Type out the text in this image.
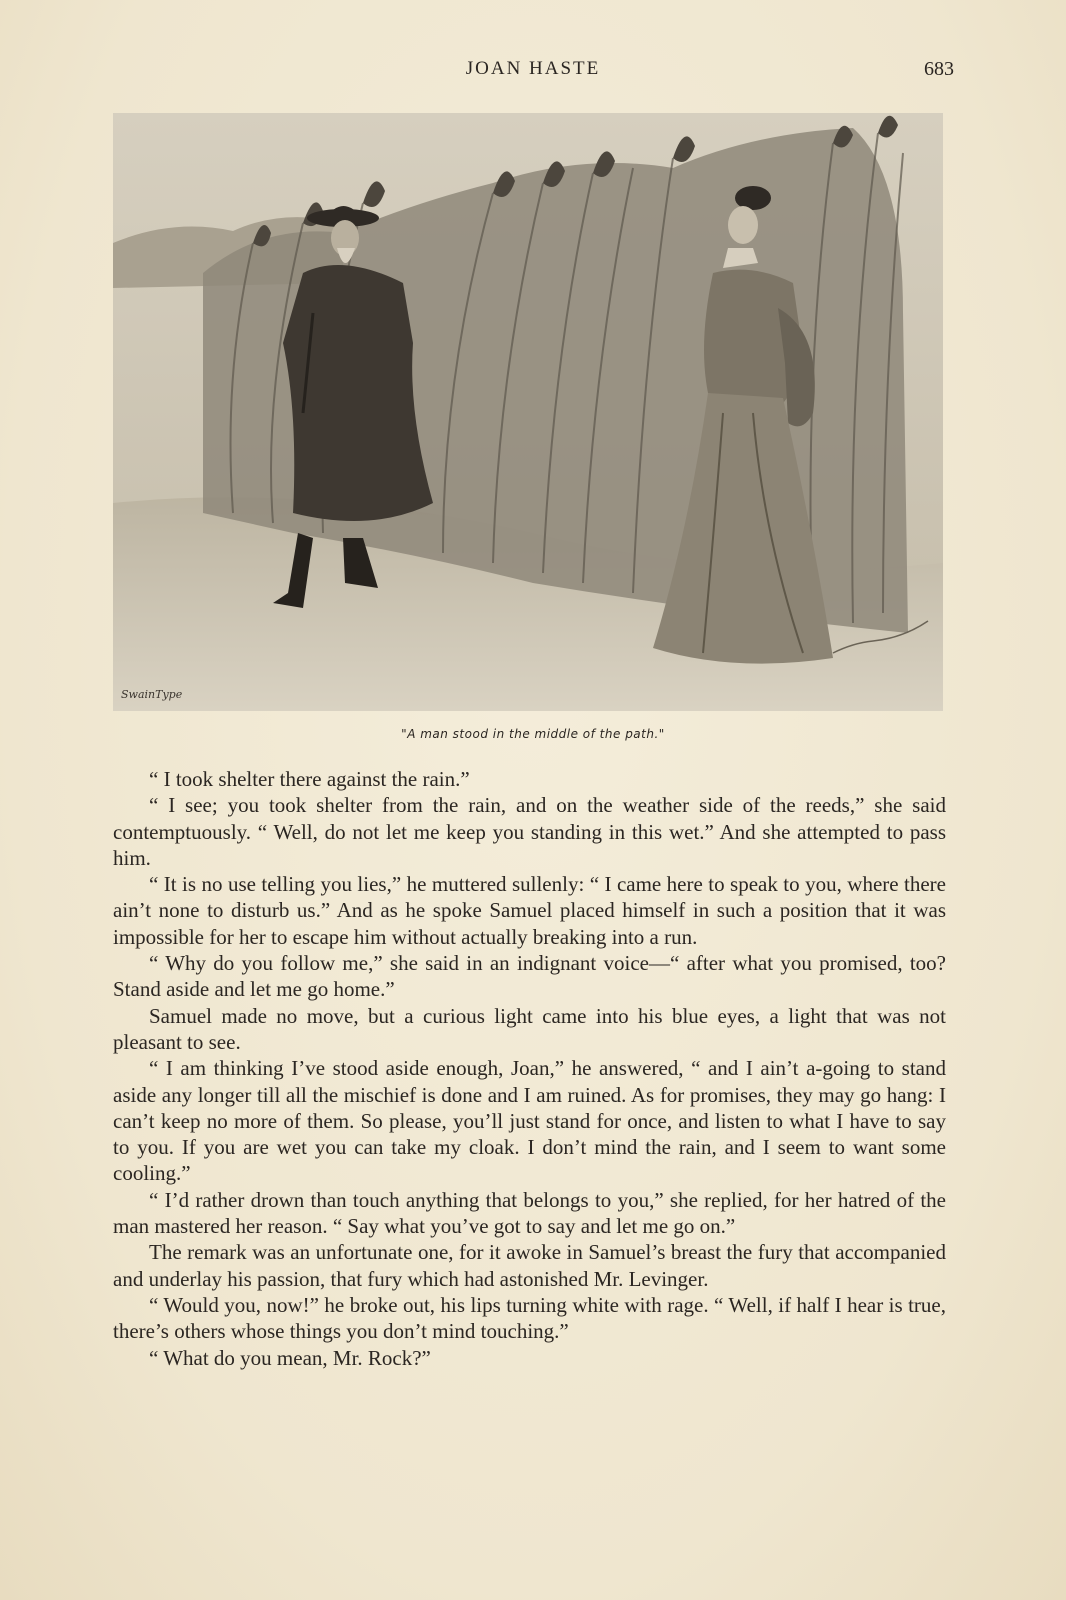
JOAN HASTE	683
SwainType
"A man stood in the middle of the path."

“ I took shelter there against the rain.”

“ I see; you took shelter from the rain, and on the weather side of the reeds,” she said contemptuously. “ Well, do not let me keep you standing in this wet.” And she attempted to pass him.

“ It is no use telling you lies,” he muttered sullenly: “ I came here to speak to you, where there ain’t none to disturb us.” And as he spoke Samuel placed himself in such a position that it was impossible for her to escape him without actually breaking into a run.

“ Why do you follow me,” she said in an indignant voice—“ after what you promised, too? Stand aside and let me go home.”

Samuel made no move, but a curious light came into his blue eyes, a light that was not pleasant to see.

“ I am thinking I’ve stood aside enough, Joan,” he answered, “ and I ain’t a-going to stand aside any longer till all the mischief is done and I am ruined. As for promises, they may go hang: I can’t keep no more of them. So please, you’ll just stand for once, and listen to what I have to say to you. If you are wet you can take my cloak. I don’t mind the rain, and I seem to want some cooling.”

“ I’d rather drown than touch anything that belongs to you,” she replied, for her hatred of the man mastered her reason. “ Say what you’ve got to say and let me go on.”

The remark was an unfortunate one, for it awoke in Samuel’s breast the fury that accompanied and underlay his passion, that fury which had astonished Mr. Levinger.

“ Would you, now!” he broke out, his lips turning white with rage. “ Well, if half I hear is true, there’s others whose things you don’t mind touching.”

“ What do you mean, Mr. Rock?”
